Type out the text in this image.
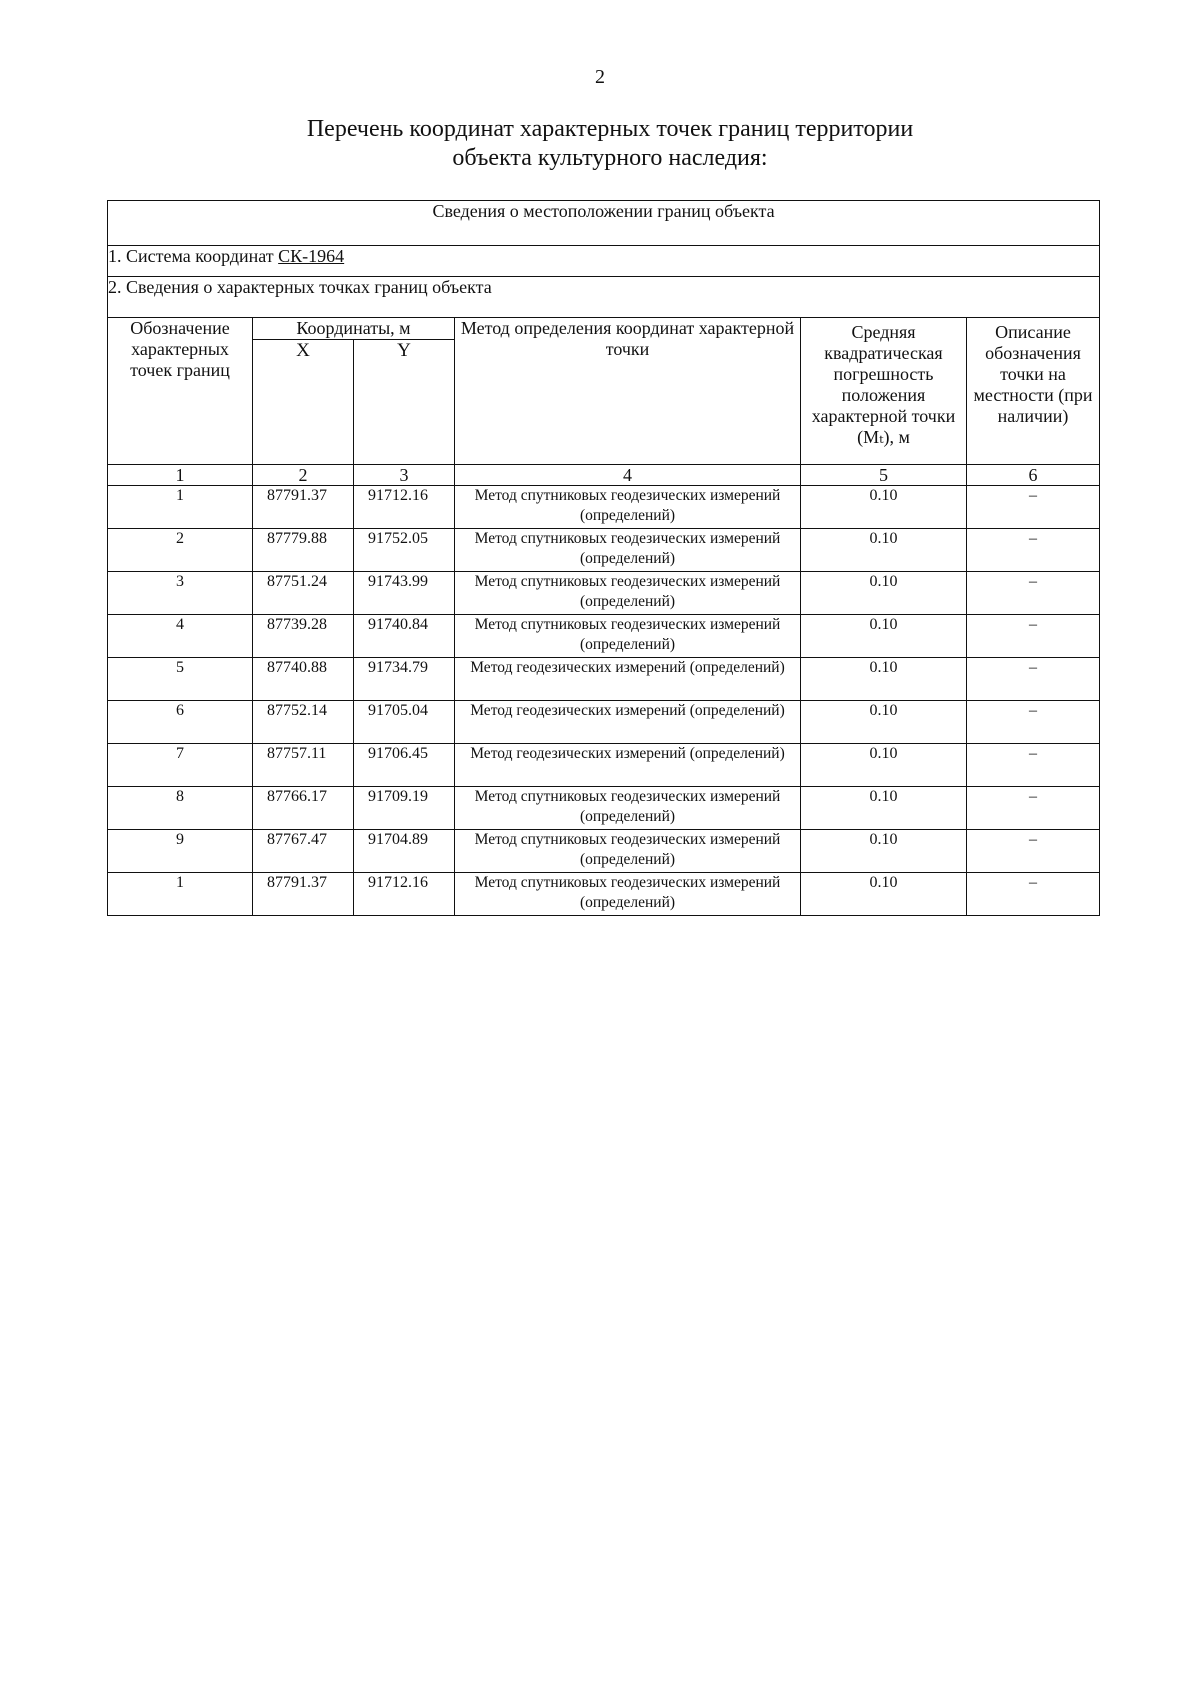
2
Перечень координат характерных точек границ территории
объекта культурного наследия:
Сведения о местоположении границ объекта					
1. Система координат СК-1964					
2. Сведения о характерных точках границ объекта					
Обозначение характерных точек границ	Координаты, м		Метод определения координат характерной точки	Средняя квадратическая погрешность положения характерной точки (Mₜ), м	Описание обозначения точки на местности (при наличии)
	X	Y			
1	2	3	4	5	6
1	87791.37	91712.16	Метод спутниковых геодезических измерений (определений)	0.10	–
2	87779.88	91752.05	Метод спутниковых геодезических измерений (определений)	0.10	–
3	87751.24	91743.99	Метод спутниковых геодезических измерений (определений)	0.10	–
4	87739.28	91740.84	Метод спутниковых геодезических измерений (определений)	0.10	–
5	87740.88	91734.79	Метод геодезических измерений (определений)	0.10	–
6	87752.14	91705.04	Метод геодезических измерений (определений)	0.10	–
7	87757.11	91706.45	Метод геодезических измерений (определений)	0.10	–
8	87766.17	91709.19	Метод спутниковых геодезических измерений (определений)	0.10	–
9	87767.47	91704.89	Метод спутниковых геодезических измерений (определений)	0.10	–
1	87791.37	91712.16	Метод спутниковых геодезических измерений (определений)	0.10	–
